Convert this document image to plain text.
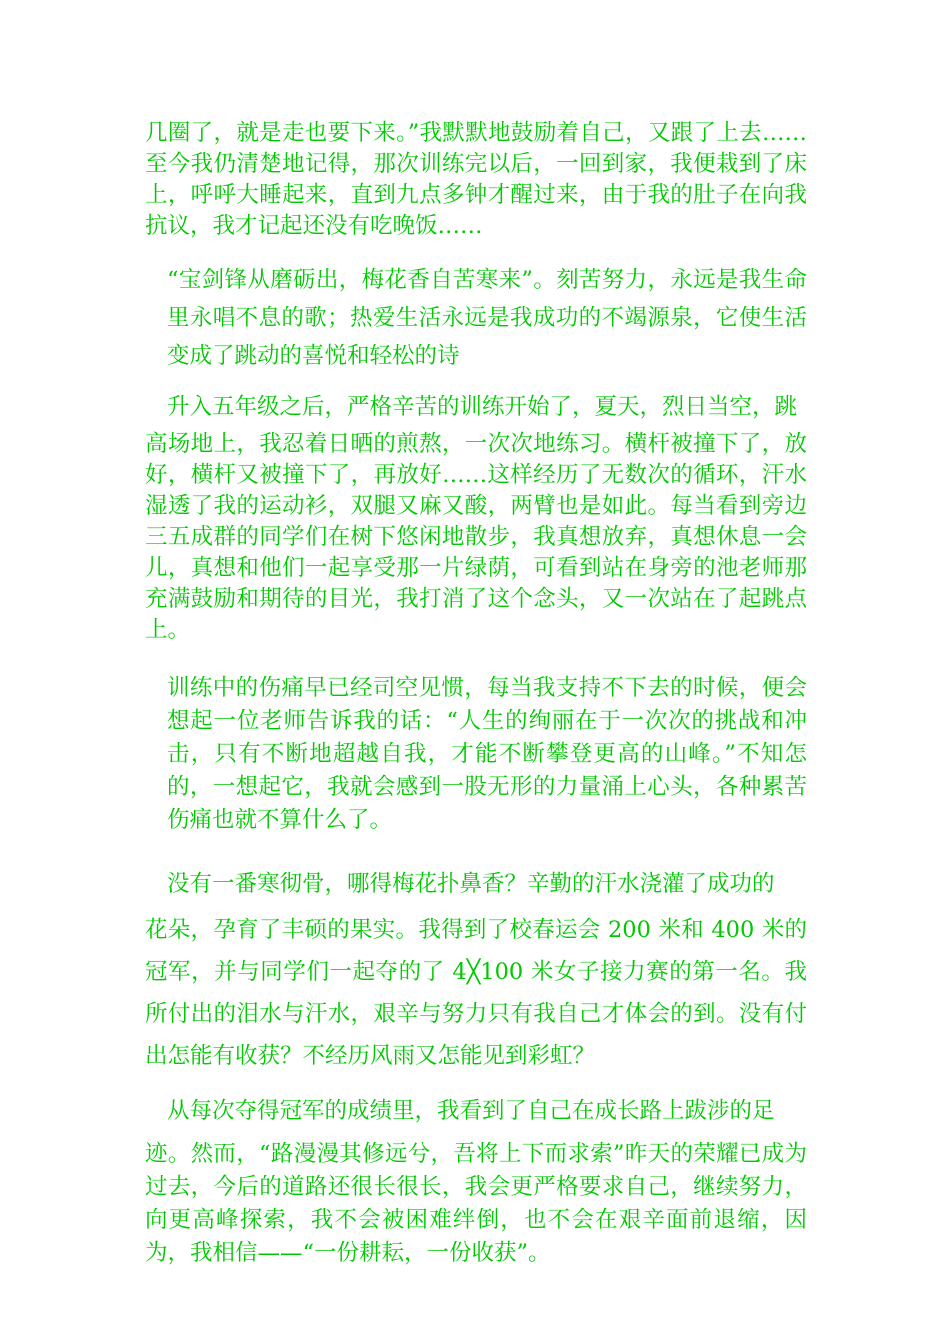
几圈了，就是走也要下来。”我默默地鼓励着自己，又跟了上去……至今我仍清楚地记得，那次训练完以后，一回到家，我便栽到了床上，呼呼大睡起来，直到九点多钟才醒过来，由于我的肚子在向我抗议，我才记起还没有吃晚饭……

“宝剑锋从磨砺出，梅花香自苦寒来”。刻苦努力，永远是我生命里永唱不息的歌；热爱生活永远是我成功的不竭源泉，它使生活变成了跳动的喜悦和轻松的诗

升入五年级之后，严格辛苦的训练开始了，夏天，烈日当空，跳
高场地上，我忍着日晒的煎熬，一次次地练习。横杆被撞下了，放好，横杆又被撞下了，再放好……这样经历了无数次的循环，汗水湿透了我的运动衫，双腿又麻又酸，两臂也是如此。每当看到旁边三五成群的同学们在树下悠闲地散步，我真想放弃，真想休息一会儿，真想和他们一起享受那一片绿荫，可看到站在身旁的池老师那充满鼓励和期待的目光，我打消了这个念头，又一次站在了起跳点上。

训练中的伤痛早已经司空见惯，每当我支持不下去的时候，便会想起一位老师告诉我的话：“人生的绚丽在于一次次的挑战和冲击，只有不断地超越自我，才能不断攀登更高的山峰。”不知怎的，一想起它，我就会感到一股无形的力量涌上心头，各种累苦伤痛也就不算什么了。

没有一番寒彻骨，哪得梅花扑鼻香？辛勤的汗水浇灌了成功的
花朵，孕育了丰硕的果实。我得到了校春运会 200 米和 400 米的冠军，并与同学们一起夺的了 4╳100 米女子接力赛的第一名。我所付出的泪水与汗水，艰辛与努力只有我自己才体会的到。没有付出怎能有收获？不经历风雨又怎能见到彩虹？
从每次夺得冠军的成绩里，我看到了自己在成长路上跋涉的足
迹。然而，“路漫漫其修远兮，吾将上下而求索”昨天的荣耀已成为过去，今后的道路还很长很长，我会更严格要求自己，继续努力，向更高峰探索，我不会被困难绊倒，也不会在艰辛面前退缩，因为，我相信——“一份耕耘，一份收获”。
